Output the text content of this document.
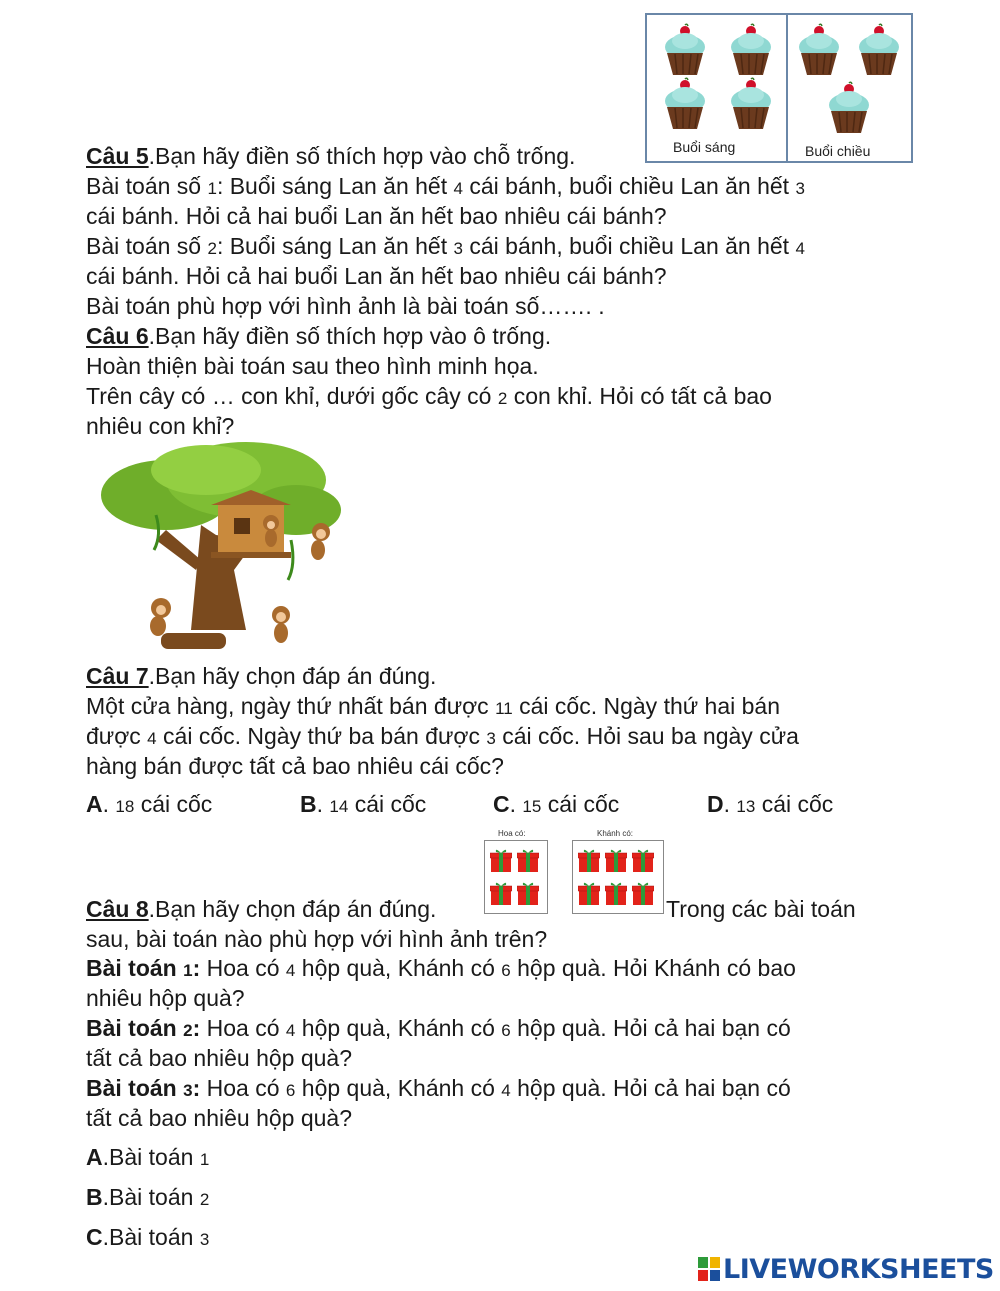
Buổi sáng	Buổi chiều
Câu 5.Bạn hãy điền số thích hợp vào chỗ trống.
Bài toán số 1: Buổi sáng Lan ăn hết 4 cái bánh, buổi chiều Lan ăn hết 3
cái bánh. Hỏi cả hai buổi Lan ăn hết bao nhiêu cái bánh?
Bài toán số 2: Buổi sáng Lan ăn hết 3 cái bánh, buổi chiều Lan ăn hết 4
cái bánh. Hỏi cả hai buổi Lan ăn hết bao nhiêu cái bánh?
Bài toán phù hợp với hình ảnh là bài toán số……. .
Câu 6.Bạn hãy điền số thích hợp vào ô trống.
Hoàn thiện bài toán sau theo hình minh họa.
Trên cây có … con khỉ, dưới gốc cây có 2 con khỉ. Hỏi có tất cả bao
nhiêu con khỉ?
Câu 7.Bạn hãy chọn đáp án đúng.
Một cửa hàng, ngày thứ nhất bán được 11 cái cốc. Ngày thứ hai bán
được 4 cái cốc. Ngày thứ ba bán được 3 cái cốc. Hỏi sau ba ngày cửa
hàng bán được tất cả bao nhiêu cái cốc?
A. 18 cái cốc	B. 14 cái cốc	C. 15 cái cốc	D. 13 cái cốc
Hoa có:	Khánh có:
Câu 8.Bạn hãy chọn đáp án đúng.	Trong các bài toán
sau, bài toán nào phù hợp với hình ảnh trên?
Bài toán 1: Hoa có 4 hộp quà, Khánh có 6 hộp quà. Hỏi Khánh có bao
nhiêu hộp quà?
Bài toán 2: Hoa có 4 hộp quà, Khánh có 6 hộp quà. Hỏi cả hai bạn có
tất cả bao nhiêu hộp quà?
Bài toán 3: Hoa có 6 hộp quà, Khánh có 4 hộp quà. Hỏi cả hai bạn có
tất cả bao nhiêu hộp quà?
A.Bài toán 1
B.Bài toán 2
C.Bài toán 3
LIVEWORKSHEETS
